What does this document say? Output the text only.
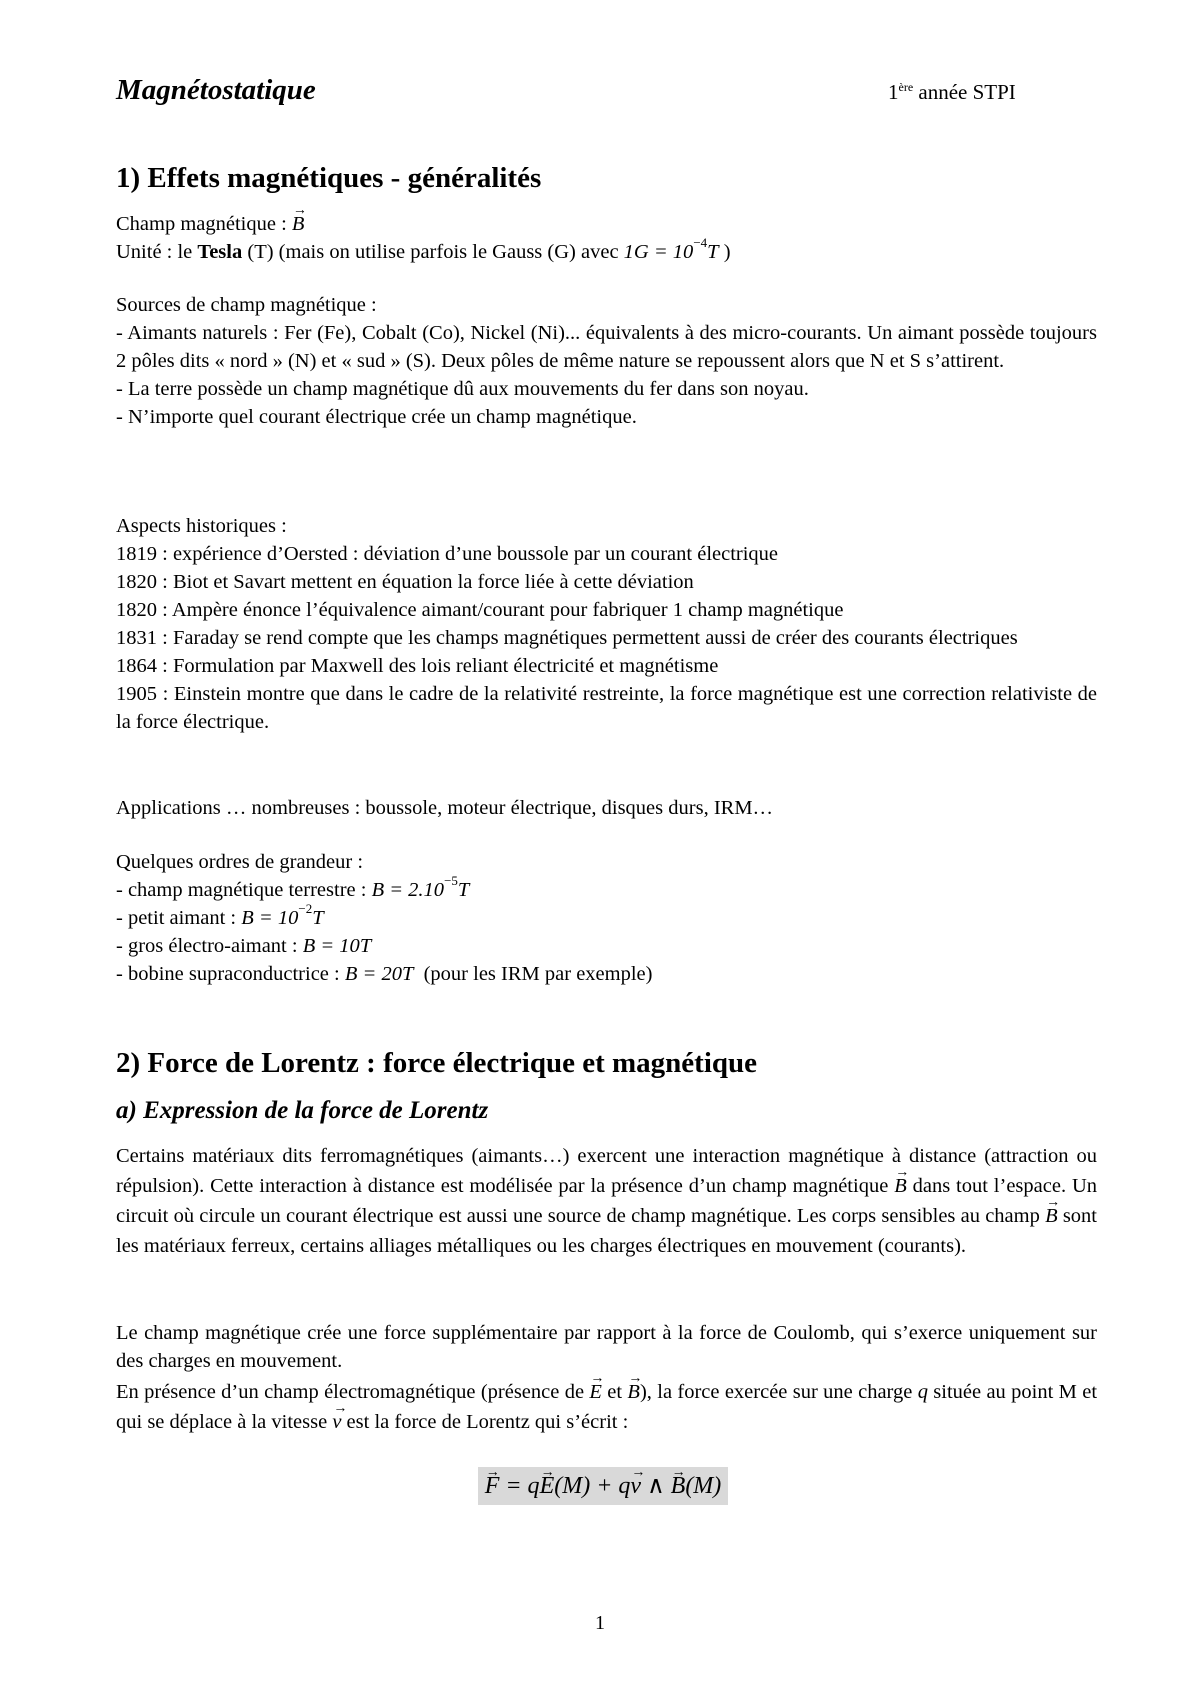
Magnétostatique	1ère année STPI
1) Effets magnétiques - généralités
Champ magnétique : → B
Unité : le Tesla (T) (mais on utilise parfois le Gauss (G) avec $1G = 10^{-4}T$ )
Sources de champ magnétique :
- Aimants naturels : Fer (Fe), Cobalt (Co), Nickel (Ni)... équivalents à des micro-courants. Un aimant possède toujours 2 pôles dits « nord » (N) et « sud » (S). Deux pôles de même nature se repoussent alors que N et S s’attirent.
- La terre possède un champ magnétique dû aux mouvements du fer dans son noyau.
- N’importe quel courant électrique crée un champ magnétique.
Aspects historiques :
1819 : expérience d’Oersted : déviation d’une boussole par un courant électrique
1820 : Biot et Savart mettent en équation la force liée à cette déviation
1820 : Ampère énonce l’équivalence aimant/courant pour fabriquer 1 champ magnétique
1831 : Faraday se rend compte que les champs magnétiques permettent aussi de créer des courants électriques
1864 : Formulation par Maxwell des lois reliant électricité et magnétisme
1905 : Einstein montre que dans le cadre de la relativité restreinte, la force magnétique est une correction relativiste de la force électrique.
Applications … nombreuses : boussole, moteur électrique, disques durs, IRM…
Quelques ordres de grandeur :
- champ magnétique terrestre : $B = 2.10^{-5}T$
- petit aimant : $B = 10^{-2}T$
- gros électro-aimant : B = 10T
- bobine supraconductrice : B = 20T  (pour les IRM par exemple)
2) Force de Lorentz : force électrique et magnétique
a) Expression de la force de Lorentz
Certains matériaux dits ferromagnétiques (aimants…) exercent une interaction magnétique à distance (attraction ou répulsion). Cette interaction à distance est modélisée par la présence d’un champ magnétique → B dans tout l’espace. Un circuit où circule un courant électrique est aussi une source de champ magnétique. Les corps sensibles au champ → B sont les matériaux ferreux, certains alliages métalliques ou les charges électriques en mouvement (courants).
Le champ magnétique crée une force supplémentaire par rapport à la force de Coulomb, qui s’exerce uniquement sur des charges en mouvement.
En présence d’un champ électromagnétique (présence de → E et → B), la force exercée sur une charge q située au point M et qui se déplace à la vitesse → v est la force de Lorentz qui s’écrit :
→ F = q→ E(M) + q→ v ∧ → B(M)
1
